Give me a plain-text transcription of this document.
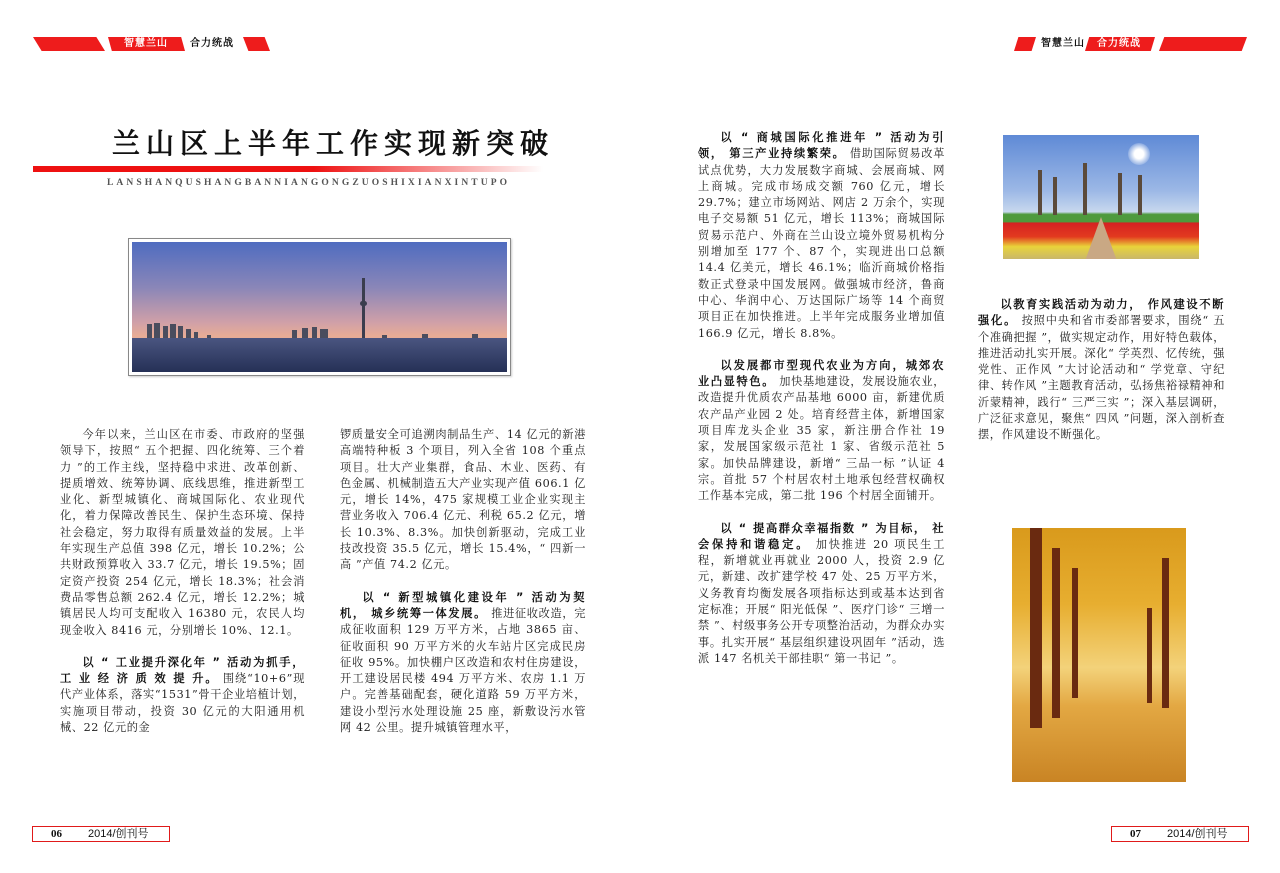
智慧兰山 合力统战	智慧兰山 合力统战
兰山区上半年工作实现新突破
LANSHANQUSHANGBANNIANGONGZUOSHIXIANXINTUPO

今年以来，兰山区在市委、市政府的坚强领导下，按照“ 五个把握、四化统筹、三个着力 ”的工作主线，坚持稳中求进、改革创新、提质增效、统筹协调、底线思维，推进新型工业化、新型城镇化、商城国际化、农业现代化，着力保障改善民生、保护生态环境、保持社会稳定，努力取得有质量效益的发展。上半年实现生产总值 398 亿元，增长 10.2%；公共财政预算收入 33.7 亿元，增长 19.5%；固定资产投资 254 亿元，增长 18.3%；社会消费品零售总额 262.4 亿元，增长 12.2%；城镇居民人均可支配收入 16380 元，农民人均现金收入 8416 元，分别增长 10%、12.1。

以 “ 工业提升深化年 ” 活动为抓手， 工 业 经 济 质 效 提 升。 围绕“10+6”现代产业体系，落实“1531”骨干企业培植计划，实施项目带动，投资 30 亿元的大阳通用机械、22 亿元的金

锣质量安全可追溯肉制品生产、14 亿元的新港高端特种板 3 个项目，列入全省 108 个重点项目。壮大产业集群，食品、木业、医药、有色金属、机械制造五大产业实现产值 606.1 亿元，增长 14%，475 家规模工业企业实现主营业务收入 706.4 亿元、利税 65.2 亿元，增长 10.3%、8.3%。加快创新驱动，完成工业技改投资 35.5 亿元，增长 15.4%，“ 四新一高 ”产值 74.2 亿元。

以 “ 新型城镇化建设年 ” 活动为契机， 城乡统筹一体发展。 推进征收改造，完成征收面积 129 万平方米，占地 3865 亩、征收面积 90 万平方米的火车站片区完成民房征收 95%。加快棚户区改造和农村住房建设，开工建设居民楼 494 万平方米、农房 1.1 万户。完善基础配套，硬化道路 59 万平方米，建设小型污水处理设施 25 座，新敷设污水管网 42 公里。提升城镇管理水平，

以 “ 商城国际化推进年 ” 活动为引领， 第三产业持续繁荣。 借助国际贸易改革试点优势，大力发展数字商城、会展商城、网上商城。完成市场成交额 760 亿元，增长 29.7%；建立市场网站、网店 2 万余个，实现电子交易额 51 亿元，增长 113%；商城国际贸易示范户、外商在兰山设立境外贸易机构分别增加至 177 个、87 个，实现进出口总额 14.4 亿美元，增长 46.1%；临沂商城价格指数正式登录中国发展网。做强城市经济，鲁商中心、华润中心、万达国际广场等 14 个商贸项目正在加快推进。上半年完成服务业增加值 166.9 亿元，增长 8.8%。

以发展都市型现代农业为方向，城郊农业凸显特色。 加快基地建设，发展设施农业，改造提升优质农产品基地 6000 亩，新建优质农产品产业园 2 处。培育经营主体，新增国家项目库龙头企业 35 家，新注册合作社 19 家，发展国家级示范社 1 家、省级示范社 5 家。加快品牌建设，新增“ 三品一标 ”认证 4 宗。首批 57 个村居农村土地承包经营权确权工作基本完成，第二批 196 个村居全面铺开。

以 “ 提高群众幸福指数 ” 为目标， 社会保持和谐稳定。 加快推进 20 项民生工程，新增就业再就业 2000 人，投资 2.9 亿元，新建、改扩建学校 47 处、25 万平方米，义务教育均衡发展各项指标达到或基本达到省定标准；开展“ 阳光低保 ”、医疗门诊“ 三增一禁 ”、村级事务公开专项整治活动，为群众办实事。扎实开展“ 基层组织建设巩固年 ”活动，选派 147 名机关干部挂职“ 第一书记 ”。

以教育实践活动为动力， 作风建设不断强化。 按照中央和省市委部署要求，围绕“ 五个准确把握 ”，做实规定动作，用好特色载体，推进活动扎实开展。深化“ 学英烈、忆传统，强党性、正作风 ”大讨论活动和“ 学党章、守纪律、转作风 ”主题教育活动，弘扬焦裕禄精神和沂蒙精神，践行“ 三严三实 ”；深入基层调研，广泛征求意见，聚焦“ 四风 ”问题，深入剖析查摆，作风建设不断强化。

06 2014/创刊号	07 2014/创刊号
